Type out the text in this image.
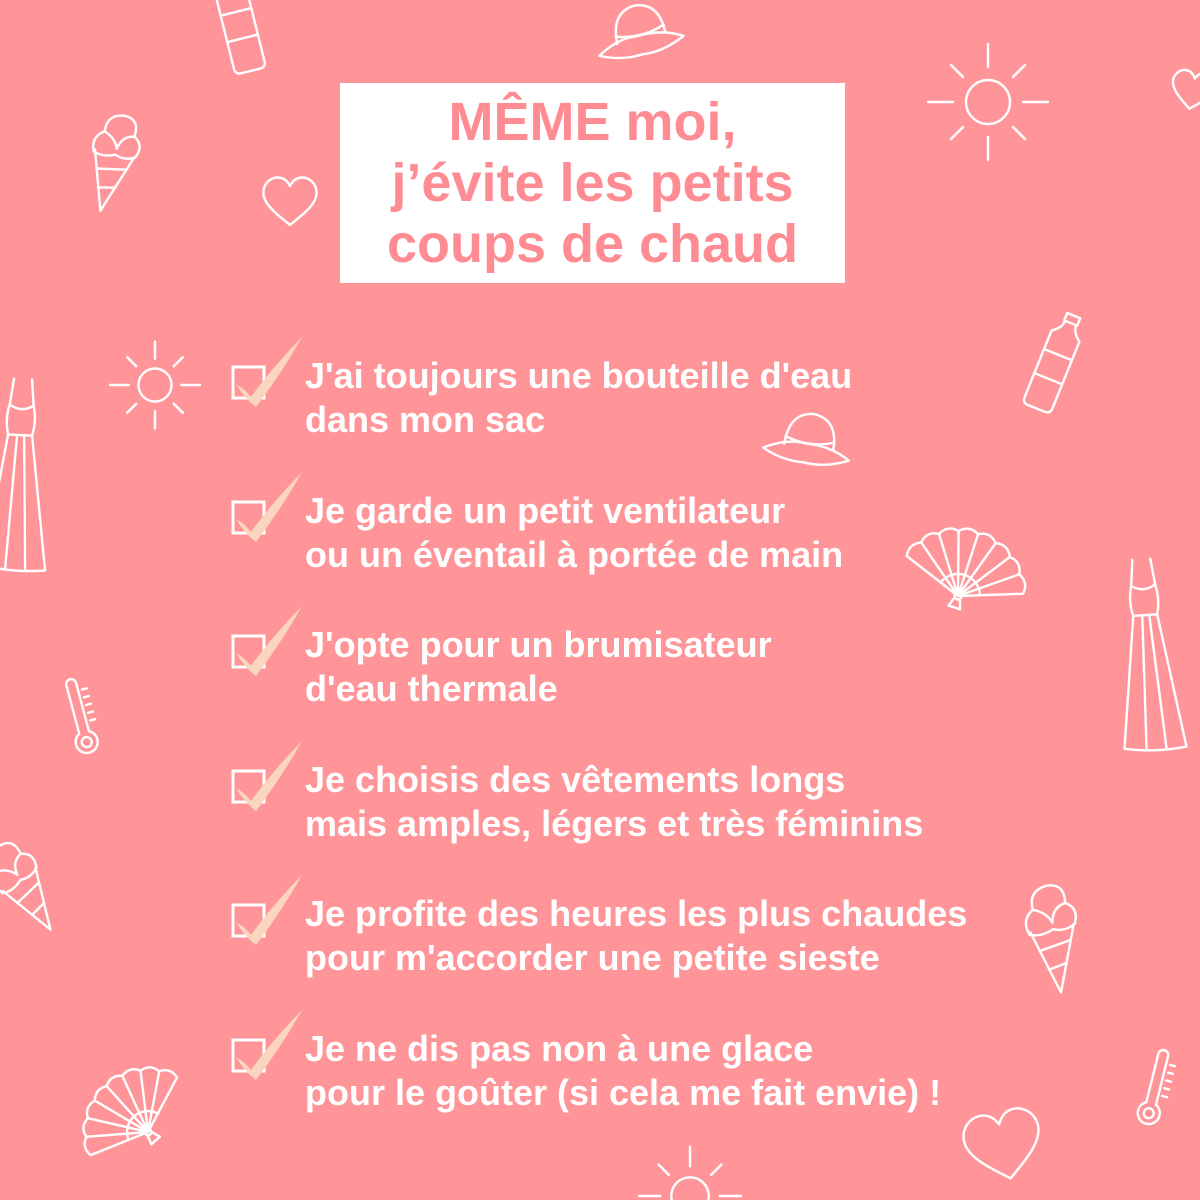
MÊME moi,
j’évite les petits
coups de chaud
J'ai toujours une bouteille d'eau
dans mon sac
Je garde un petit ventilateur
ou un éventail à portée de main
J'opte pour un brumisateur
d'eau thermale
Je choisis des vêtements longs
mais amples, légers et très féminins
Je profite des heures les plus chaudes
pour m'accorder une petite sieste
Je ne dis pas non à une glace
pour le goûter (si cela me fait envie) !
